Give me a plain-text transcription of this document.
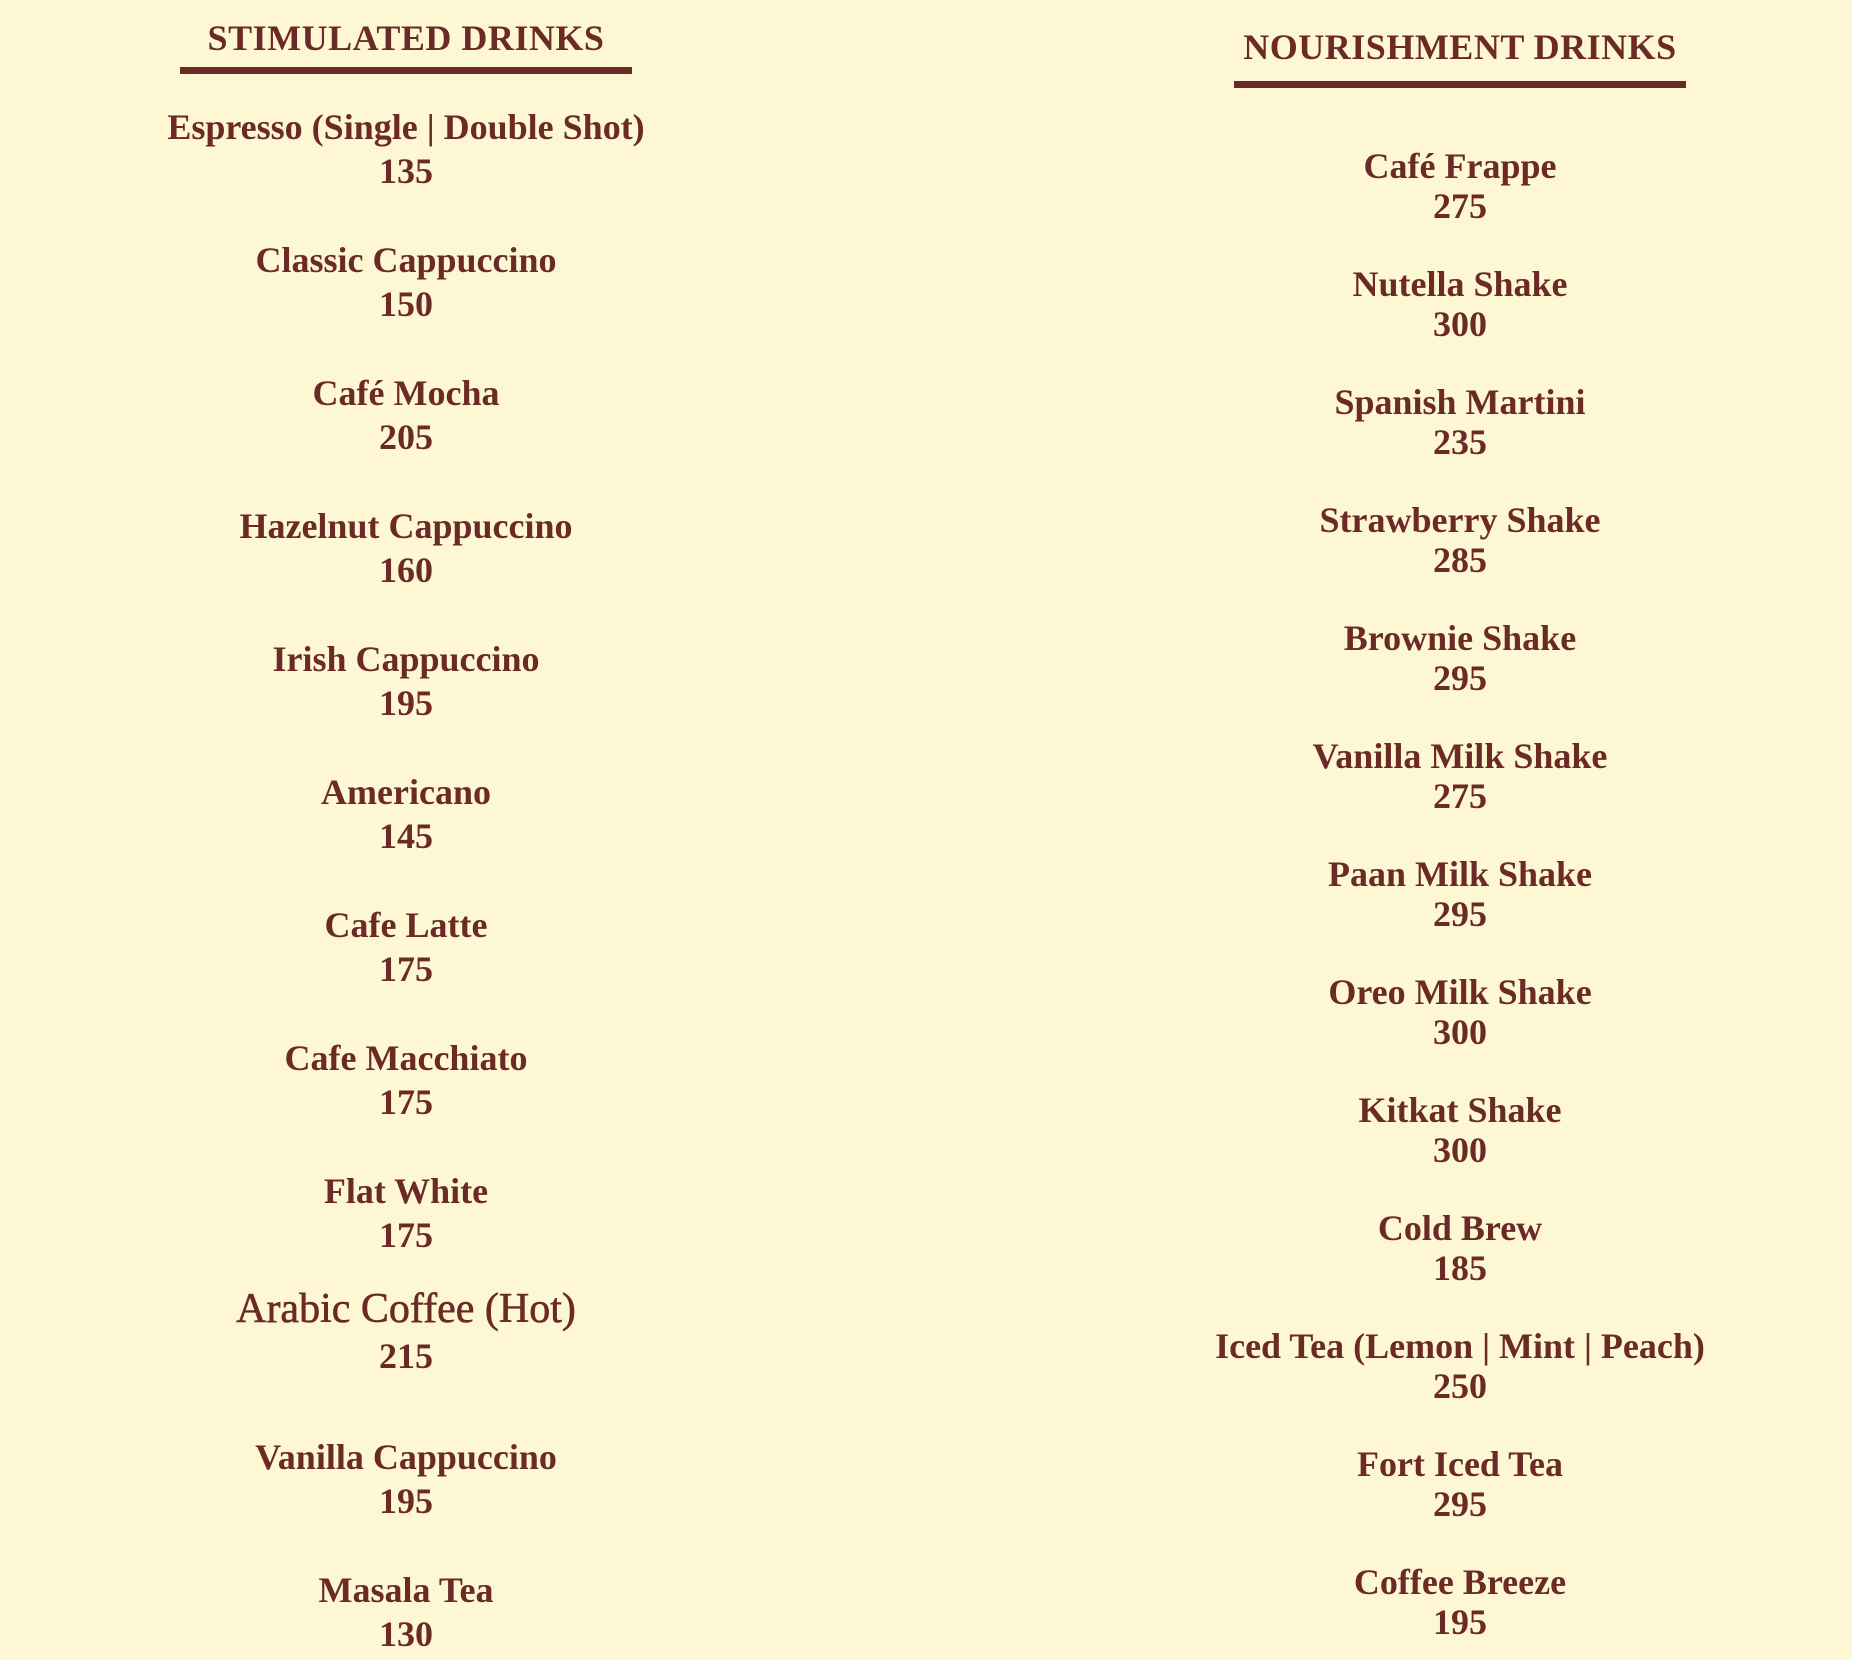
STIMULATED DRINKS
Espresso (Single | Double Shot)
135
Classic Cappuccino
150
Café Mocha
205
Hazelnut Cappuccino
160
Irish Cappuccino
195
Americano
145
Cafe Latte
175
Cafe Macchiato
175
Flat White
175
Arabic Coffee (Hot)
215
Vanilla Cappuccino
195
Masala Tea
130
NOURISHMENT DRINKS
Café Frappe
275
Nutella Shake
300
Spanish Martini
235
Strawberry Shake
285
Brownie Shake
295
Vanilla Milk Shake
275
Paan Milk Shake
295
Oreo Milk Shake
300
Kitkat Shake
300
Cold Brew
185
Iced Tea (Lemon | Mint | Peach)
250
Fort Iced Tea
295
Coffee Breeze
195
